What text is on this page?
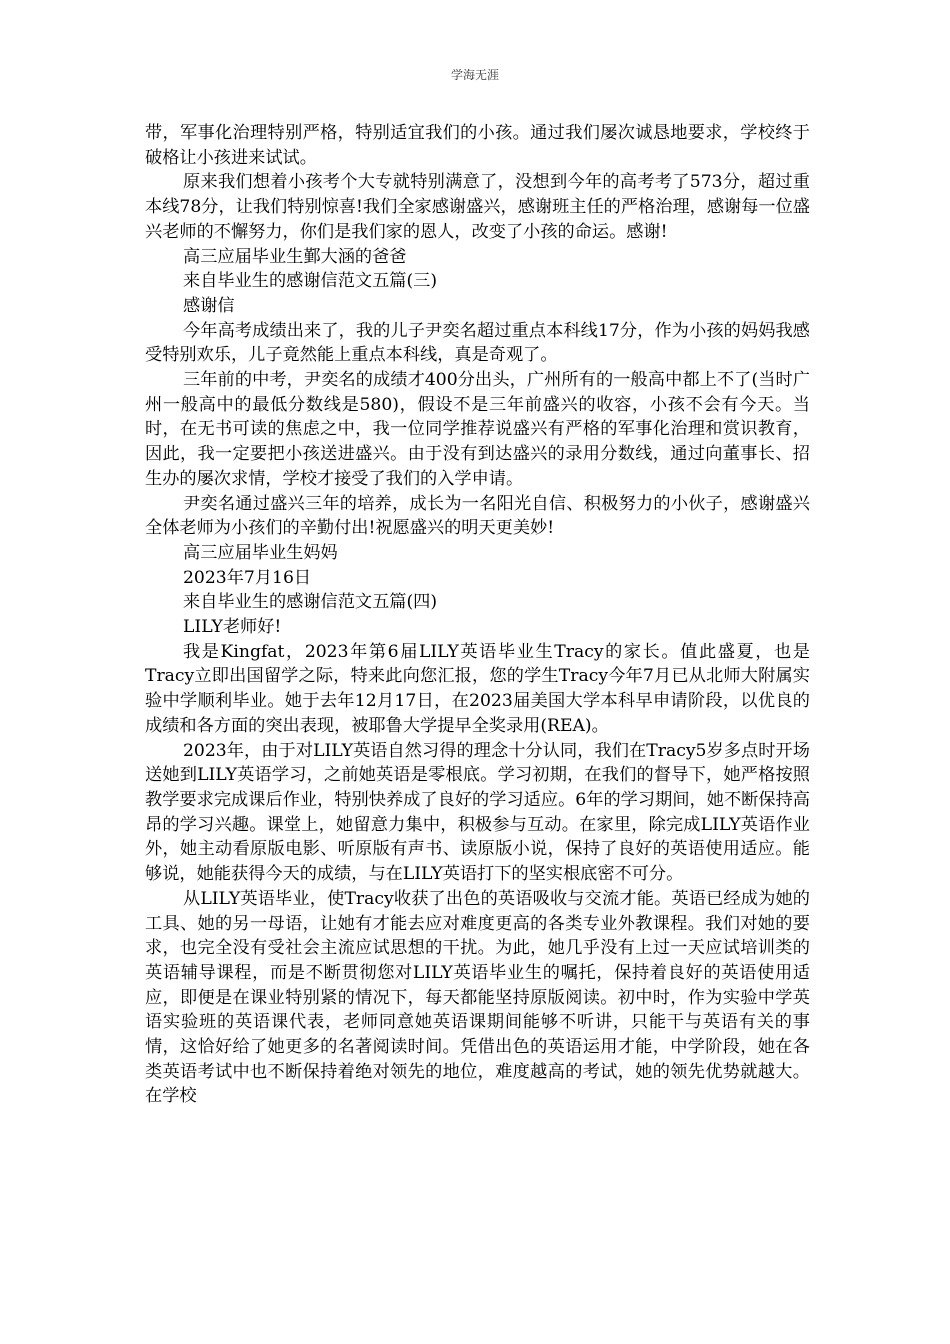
学海无涯

带，军事化治理特别严格，特别适宜我们的小孩。通过我们屡次诚恳地要求，学校终于破格让小孩进来试试。

原来我们想着小孩考个大专就特别满意了，没想到今年的高考考了573分，超过重本线78分，让我们特别惊喜!我们全家感谢盛兴，感谢班主任的严格治理，感谢每一位盛兴老师的不懈努力，你们是我们家的恩人，改变了小孩的命运。感谢!

高三应届毕业生鄞大涵的爸爸

来自毕业生的感谢信范文五篇(三)

感谢信

今年高考成绩出来了，我的儿子尹奕名超过重点本科线17分，作为小孩的妈妈我感受特别欢乐，儿子竟然能上重点本科线，真是奇观了。

三年前的中考，尹奕名的成绩才400分出头，广州所有的一般高中都上不了(当时广州一般高中的最低分数线是580)，假设不是三年前盛兴的收容，小孩不会有今天。当时，在无书可读的焦虑之中，我一位同学推荐说盛兴有严格的军事化治理和赏识教育，因此，我一定要把小孩送进盛兴。由于没有到达盛兴的录用分数线，通过向董事长、招生办的屡次求情，学校才接受了我们的入学申请。

尹奕名通过盛兴三年的培养，成长为一名阳光自信、积极努力的小伙子，感谢盛兴全体老师为小孩们的辛勤付出!祝愿盛兴的明天更美妙!

高三应届毕业生妈妈

2023年7月16日

来自毕业生的感谢信范文五篇(四)

LILY老师好!

我是Kingfat，2023年第6届LILY英语毕业生Tracy的家长。值此盛夏，也是Tracy立即出国留学之际，特来此向您汇报，您的学生Tracy今年7月已从北师大附属实验中学顺利毕业。她于去年12月17日，在2023届美国大学本科早申请阶段，以优良的成绩和各方面的突出表现，被耶鲁大学提早全奖录用(REA)。

2023年，由于对LILY英语自然习得的理念十分认同，我们在Tracy5岁多点时开场送她到LILY英语学习，之前她英语是零根底。学习初期，在我们的督导下，她严格按照教学要求完成课后作业，特别快养成了良好的学习适应。6年的学习期间，她不断保持高昂的学习兴趣。课堂上，她留意力集中，积极参与互动。在家里，除完成LILY英语作业外，她主动看原版电影、听原版有声书、读原版小说，保持了良好的英语使用适应。能够说，她能获得今天的成绩，与在LILY英语打下的坚实根底密不可分。

从LILY英语毕业，使Tracy收获了出色的英语吸收与交流才能。英语已经成为她的工具、她的另一母语，让她有才能去应对难度更高的各类专业外教课程。我们对她的要求，也完全没有受社会主流应试思想的干扰。为此，她几乎没有上过一天应试培训类的英语辅导课程，而是不断贯彻您对LILY英语毕业生的嘱托，保持着良好的英语使用适应，即便是在课业特别紧的情况下，每天都能坚持原版阅读。初中时，作为实验中学英语实验班的英语课代表，老师同意她英语课期间能够不听讲，只能干与英语有关的事情，这恰好给了她更多的名著阅读时间。凭借出色的英语运用才能，中学阶段，她在各类英语考试中也不断保持着绝对领先的地位，难度越高的考试，她的领先优势就越大。在学校
